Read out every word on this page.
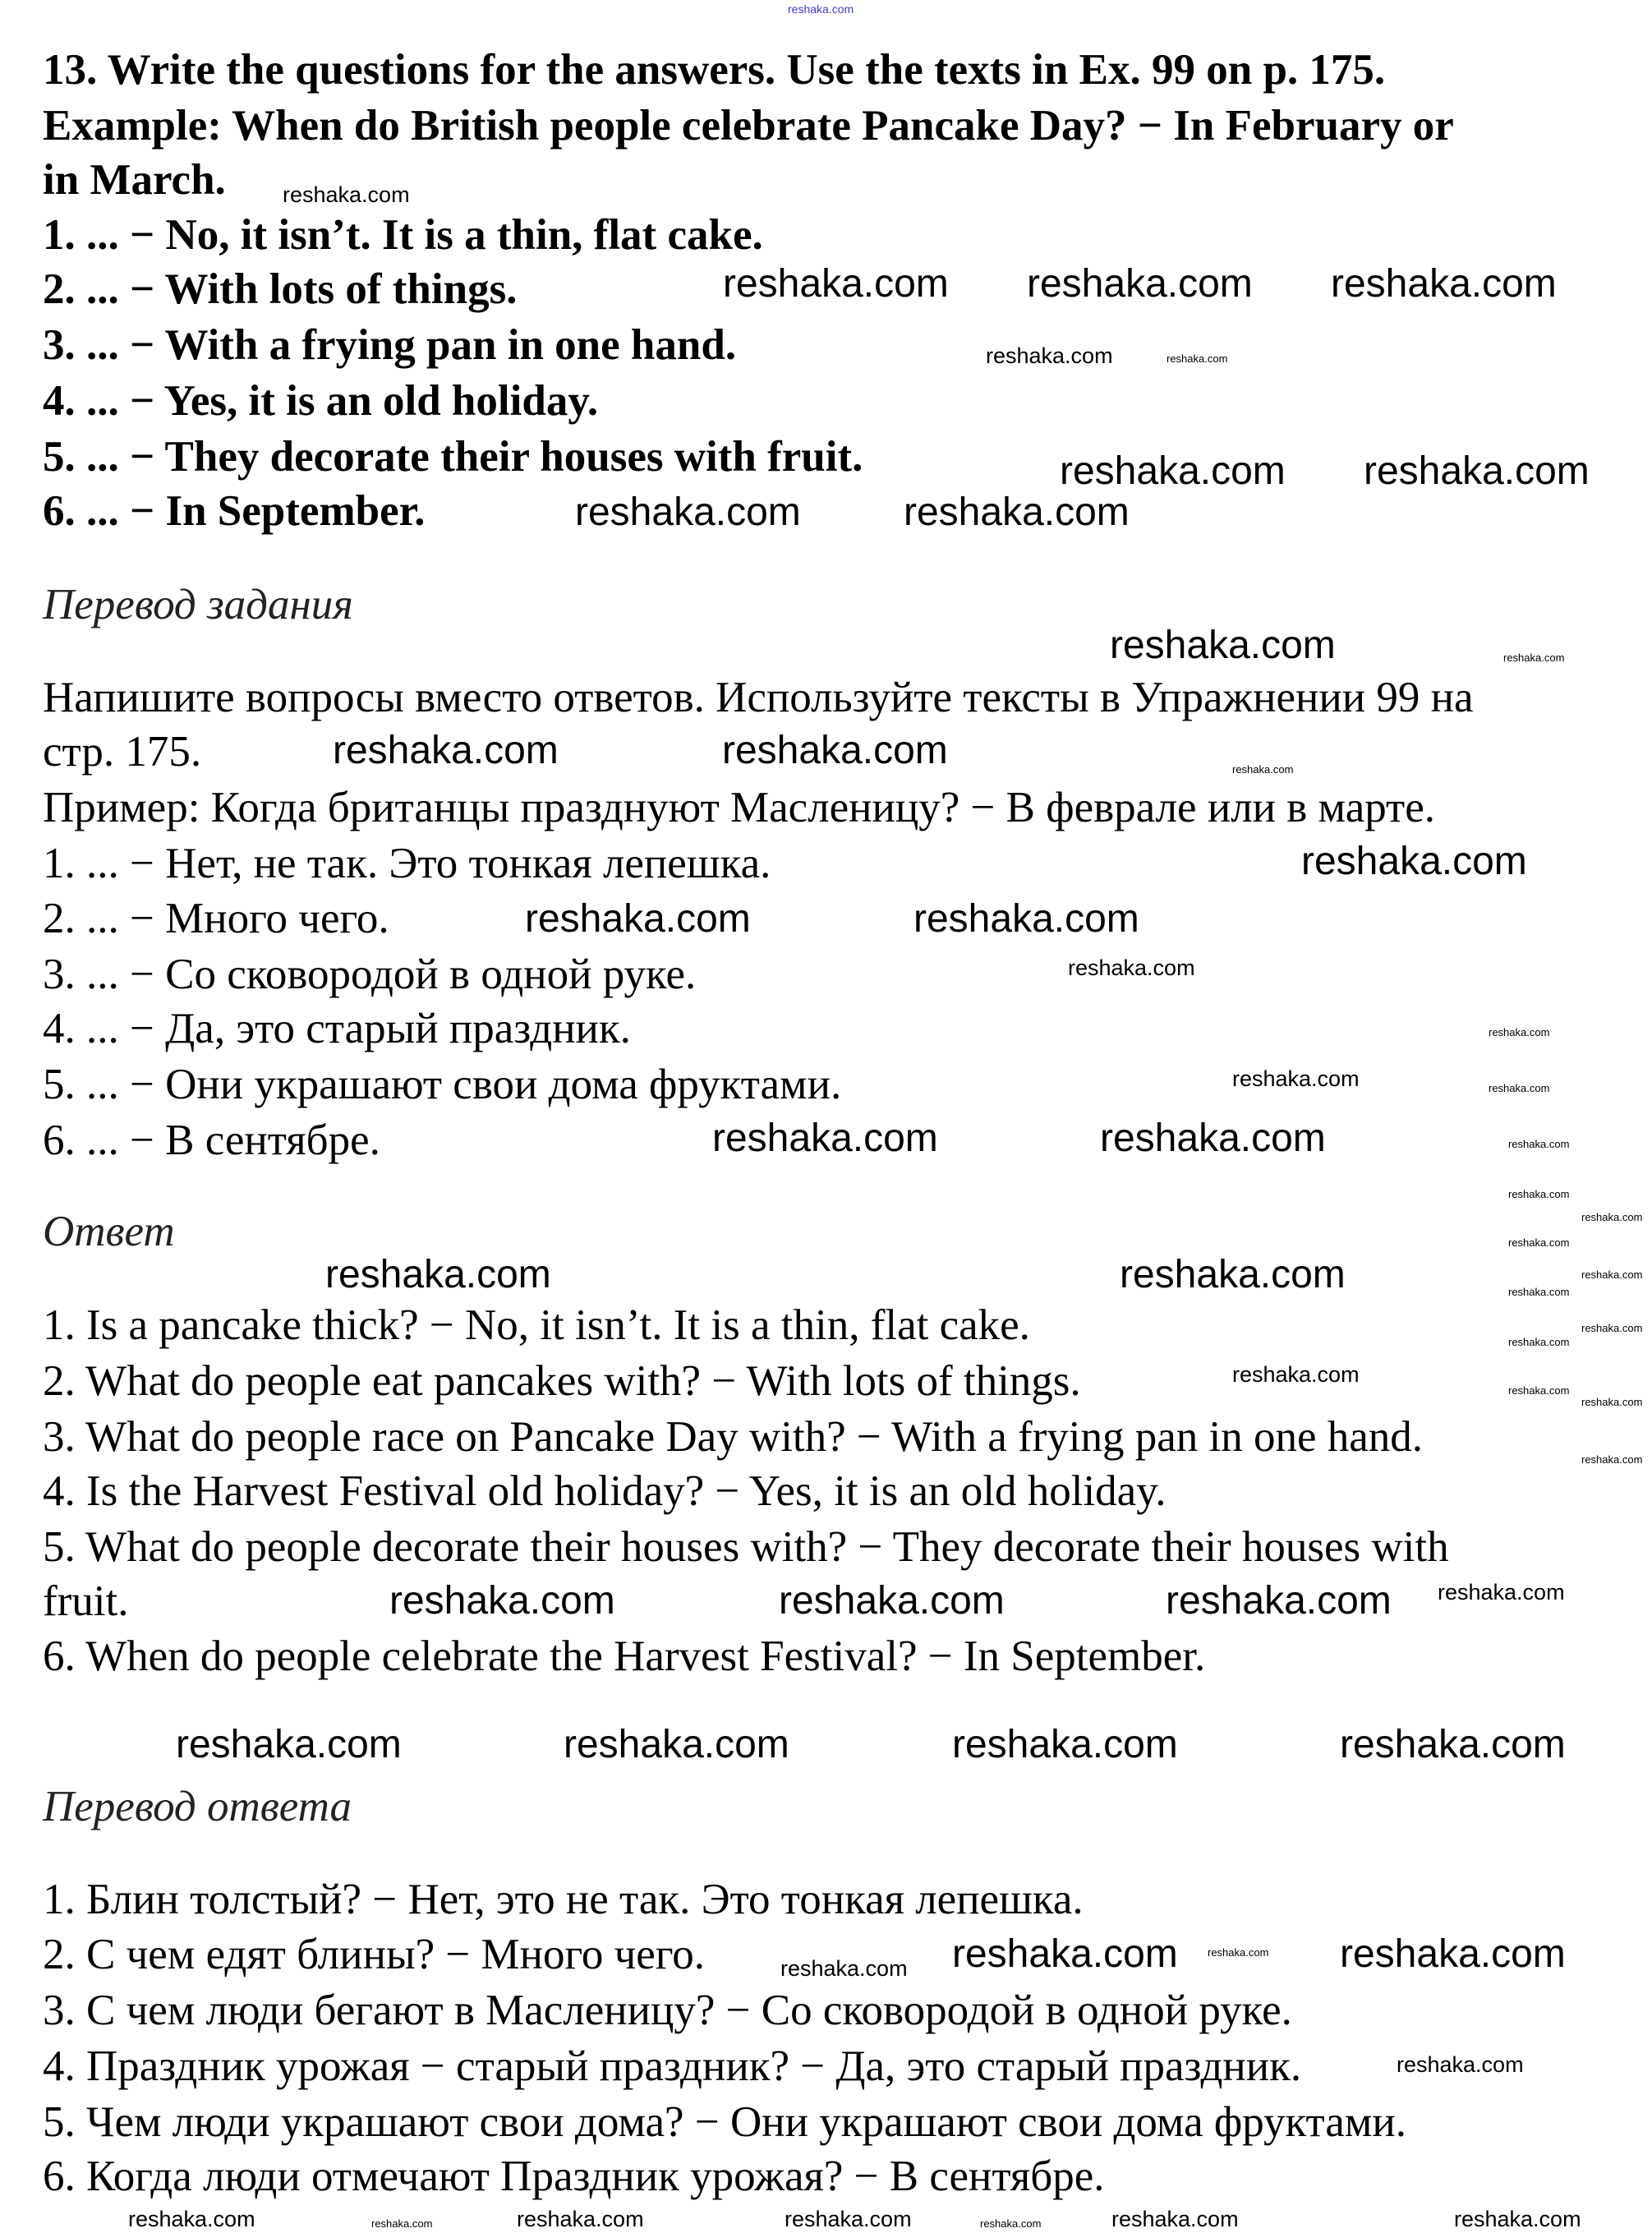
13. Write the questions for the answers. Use the texts in Ex. 99 on p. 175.
Example: When do British people celebrate Pancake Day? − In February or
in March.
1. ... − No, it isn’t. It is a thin, flat cake.
2. ... − With lots of things.
3. ... − With a frying pan in one hand.
4. ... − Yes, it is an old holiday.
5. ... − They decorate their houses with fruit.
6. ... − In September.
Перевод задания
Напишите вопросы вместо ответов. Используйте тексты в Упражнении 99 на
стр. 175.
Пример: Когда британцы празднуют Масленицу? − В феврале или в марте.
1. ... − Нет, не так. Это тонкая лепешка.
2. ... − Много чего.
3. ... − Со сковородой в одной руке.
4. ... − Да, это старый праздник.
5. ... − Они украшают свои дома фруктами.
6. ... − В сентябре.
Ответ
1. Is a pancake thick? − No, it isn’t. It is a thin, flat cake.
2. What do people eat pancakes with? − With lots of things.
3. What do people race on Pancake Day with? − With a frying pan in one hand.
4. Is the Harvest Festival old holiday? − Yes, it is an old holiday.
5. What do people decorate their houses with? − They decorate their houses with
fruit.
6. When do people celebrate the Harvest Festival? − In September.
Перевод ответа
1. Блин толстый? − Нет, это не так. Это тонкая лепешка.
2. С чем едят блины? − Много чего.
3. С чем люди бегают в Масленицу? − Со сковородой в одной руке.
4. Праздник урожая − старый праздник? − Да, это старый праздник.
5. Чем люди украшают свои дома? − Они украшают свои дома фруктами.
6. Когда люди отмечают Праздник урожая? − В сентябре.
reshaka.com
reshaka.com
reshaka.com	reshaka.com
reshaka.com reshaka.com reshaka.com
reshaka.com reshaka.com
reshaka.com	reshaka.com
reshaka.com
reshaka.com	reshaka.com
reshaka.com
reshaka.com	reshaka.com
reshaka.com	reshaka.com
reshaka.com	reshaka.com
reshaka.com	reshaka.com	reshaka.com
reshaka.com	reshaka.com	reshaka.com	reshaka.com
reshaka.com	reshaka.com
reshaka.com
reshaka.com
reshaka.com
reshaka.com
reshaka.com
reshaka.com
reshaka.com
reshaka.com	reshaka.com	reshaka.com	reshaka.com	reshaka.com
reshaka.com	reshaka.com
reshaka.com
reshaka.com
reshaka.com
reshaka.com
reshaka.com
reshaka.com
reshaka.com
reshaka.com
reshaka.com
reshaka.com
reshaka.com
reshaka.com
reshaka.com
reshaka.com
reshaka.com
